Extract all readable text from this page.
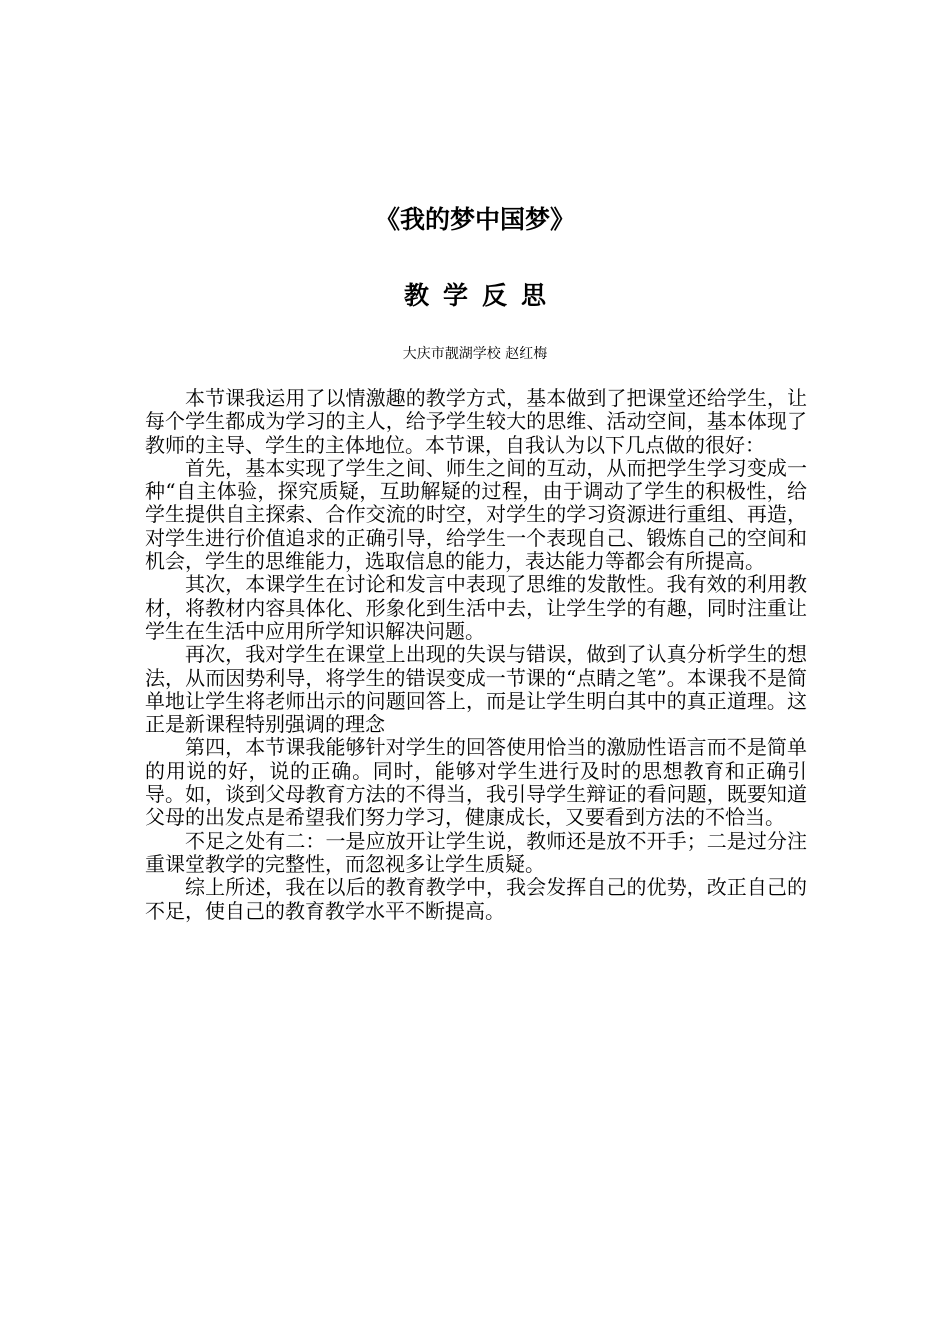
《我的梦中国梦》
教学反思
大庆市靓湖学校 赵红梅

本节课我运用了以情激趣的教学方式，基本做到了把课堂还给学生，让每个学生都成为学习的主人，给予学生较大的思维、活动空间，基本体现了教师的主导、学生的主体地位。本节课，自我认为以下几点做的很好：

首先，基本实现了学生之间、师生之间的互动，从而把学生学习变成一种“自主体验，探究质疑，互助解疑的过程，由于调动了学生的积极性，给学生提供自主探索、合作交流的时空，对学生的学习资源进行重组、再造，对学生进行价值追求的正确引导，给学生一个表现自己、锻炼自己的空间和机会，学生的思维能力，选取信息的能力，表达能力等都会有所提高。

其次，本课学生在讨论和发言中表现了思维的发散性。我有效的利用教材，将教材内容具体化、形象化到生活中去，让学生学的有趣，同时注重让学生在生活中应用所学知识解决问题。

再次，我对学生在课堂上出现的失误与错误，做到了认真分析学生的想法，从而因势利导，将学生的错误变成一节课的“点睛之笔”。本课我不是简单地让学生将老师出示的问题回答上，而是让学生明白其中的真正道理。这正是新课程特别强调的理念

第四，本节课我能够针对学生的回答使用恰当的激励性语言而不是简单的用说的好，说的正确。同时，能够对学生进行及时的思想教育和正确引导。如，谈到父母教育方法的不得当，我引导学生辩证的看问题，既要知道父母的出发点是希望我们努力学习，健康成长，又要看到方法的不恰当。

不足之处有二：一是应放开让学生说，教师还是放不开手；二是过分注重课堂教学的完整性，而忽视多让学生质疑。

综上所述，我在以后的教育教学中，我会发挥自己的优势，改正自己的不足，使自己的教育教学水平不断提高。
